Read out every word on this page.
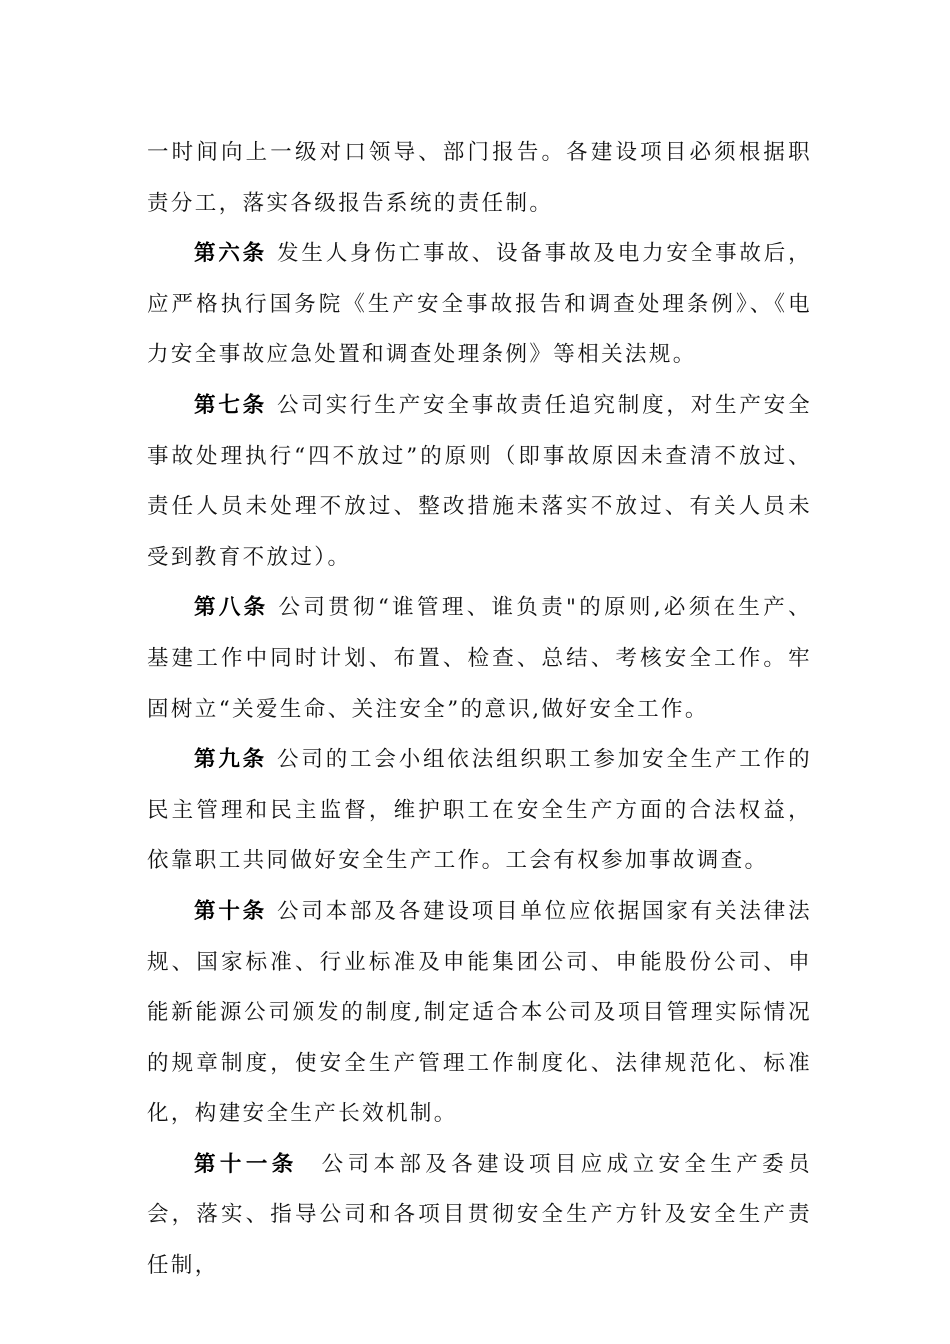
一时间向上一级对口领导、部门报告。各建设项目必须根据职责分工，落实各级报告系统的责任制。

第六条 发生人身伤亡事故、设备事故及电力安全事故后，应严格执行国务院《生产安全事故报告和调查处理条例》、《电力安全事故应急处置和调查处理条例》等相关法规。

第七条 公司实行生产安全事故责任追究制度，对生产安全事故处理执行“四不放过”的原则（即事故原因未查清不放过、责任人员未处理不放过、整改措施未落实不放过、有关人员未受到教育不放过）。

第八条 公司贯彻“谁管理、谁负责"的原则,必须在生产、基建工作中同时计划、布置、检查、总结、考核安全工作。牢固树立“关爱生命、关注安全”的意识,做好安全工作。

第九条 公司的工会小组依法组织职工参加安全生产工作的民主管理和民主监督，维护职工在安全生产方面的合法权益，依靠职工共同做好安全生产工作。工会有权参加事故调查。

第十条 公司本部及各建设项目单位应依据国家有关法律法规、国家标准、行业标准及申能集团公司、申能股份公司、申能新能源公司颁发的制度,制定适合本公司及项目管理实际情况的规章制度，使安全生产管理工作制度化、法律规范化、标准化，构建安全生产长效机制。

第十一条 公司本部及各建设项目应成立安全生产委员会，落实、指导公司和各项目贯彻安全生产方针及安全生产责任制，
